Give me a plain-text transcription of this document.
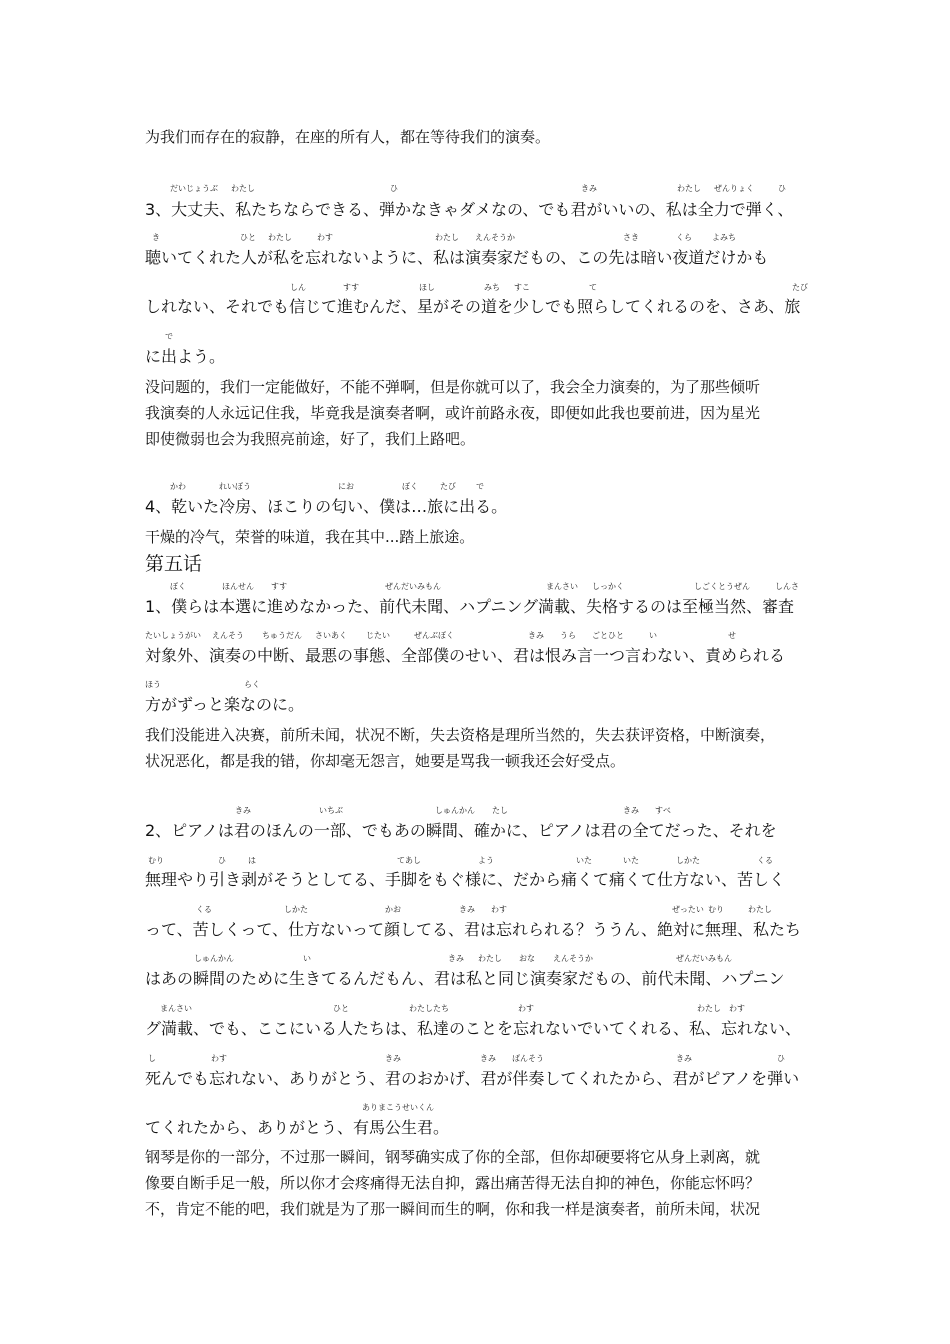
为我们而存在的寂静，在座的所有人，都在等待我们的演奏。
3、大丈夫、私たちならできる、弾かなきゃダメなの、でも君がいいの、私は全力で弾く、
聴いてくれた人が私を忘れないように、私は演奏家だもの、この先は暗い夜道だけかも
しれない、それでも信じて進むんだ、星がその道を少しでも照らしてくれるのを、さあ、旅
に出よう。
没问题的，我们一定能做好，不能不弹啊，但是你就可以了，我会全力演奏的，为了那些倾听
我演奏的人永远记住我，毕竟我是演奏者啊，或许前路永夜，即便如此我也要前进，因为星光
即使微弱也会为我照亮前途，好了，我们上路吧。
4、乾いた冷房、ほこりの匂い、僕は…旅に出る。
干燥的冷气，荣誉的味道，我在其中...踏上旅途。
第五话
1、僕らは本選に進めなかった、前代未聞、ハプニング満載、失格するのは至極当然、審査
対象外、演奏の中断、最悪の事態、全部僕のせい、君は恨み言一つ言わない、責められる
方がずっと楽なのに。
我们没能进入决赛，前所未闻，状况不断，失去资格是理所当然的，失去获评资格，中断演奏，
状况恶化，都是我的错，你却毫无怨言，她要是骂我一顿我还会好受点。
2、ピアノは君のほんの一部、でもあの瞬間、確かに、ピアノは君の全てだった、それを
無理やり引き剥がそうとしてる、手脚をもぐ様に、だから痛くて痛くて仕方ない、苦しく
って、苦しくって、仕方ないって顔してる、君は忘れられる？ううん、絶対に無理、私たち
はあの瞬間のために生きてるんだもん、君は私と同じ演奏家だもの、前代未聞、ハプニン
グ満載、でも、ここにいる人たちは、私達のことを忘れないでいてくれる、私、忘れない、
死んでも忘れない、ありがとう、君のおかげ、君が伴奏してくれたから、君がピアノを弾い
てくれたから、ありがとう、有馬公生君。
钢琴是你的一部分，不过那一瞬间，钢琴确实成了你的全部，但你却硬要将它从身上剥离，就
像要自断手足一般，所以你才会疼痛得无法自抑，露出痛苦得无法自抑的神色，你能忘怀吗？
不，肯定不能的吧，我们就是为了那一瞬间而生的啊，你和我一样是演奏者，前所未闻，状况
だいじょうぶ わたし	ひ	きみ	わたし ぜんりょく	ひ
き	ひと わたし	わす	わたし えんそうか	さき	くら	よみち
しん	すす	ほし	みち すこ	て	たび
で
かわ	れいぼう	にお	ぼく	たび	で
ぼく	ほんせん すす	ぜんだいみもん	まんさい しっかく	しごくとうぜん	しんさ
たいしょうがい えんそう ちゅうだん さいあく じたい	ぜんぶぼく	きみ うら ごとひと	い	せ
ほう	らく
きみ	いちぶ	しゅんかん たし	きみ すべ
むり	ひ	は	てあし	よう	いた	いた	しかた	くる
くる	しかた	かお	きみ わす	ぜったい むり	わたし
しゅんかん	い	きみ わたし おな えんそうか	ぜんだいみもん
まんさい	ひと	わたしたち	わす	わたし わす
し	わす	きみ	きみ ばんそう	きみ	ひ
ありまこうせいくん
